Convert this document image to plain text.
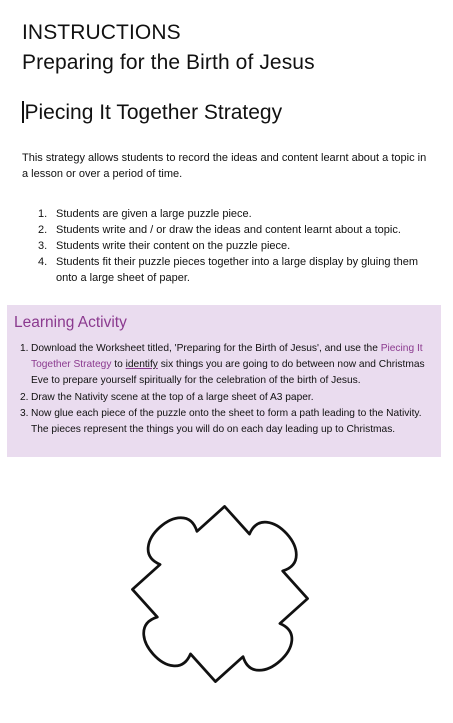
INSTRUCTIONS
Preparing for the Birth of Jesus
Piecing It Together Strategy
This strategy allows students to record the ideas and content learnt about a topic in a lesson or over a period of time.
1. Students are given a large puzzle piece.
2. Students write and / or draw the ideas and content learnt about a topic.
3. Students write their content on the puzzle piece.
4. Students fit their puzzle pieces together into a large display by gluing them onto a large sheet of paper.
Learning Activity
1. Download the Worksheet titled, 'Preparing for the Birth of Jesus', and use the Piecing It Together Strategy to identify six things you are going to do between now and Christmas Eve to prepare yourself spiritually for the celebration of the birth of Jesus.
2. Draw the Nativity scene at the top of a large sheet of A3 paper.
3. Now glue each piece of the puzzle onto the sheet to form a path leading to the Nativity. The pieces represent the things you will do on each day leading up to Christmas.
